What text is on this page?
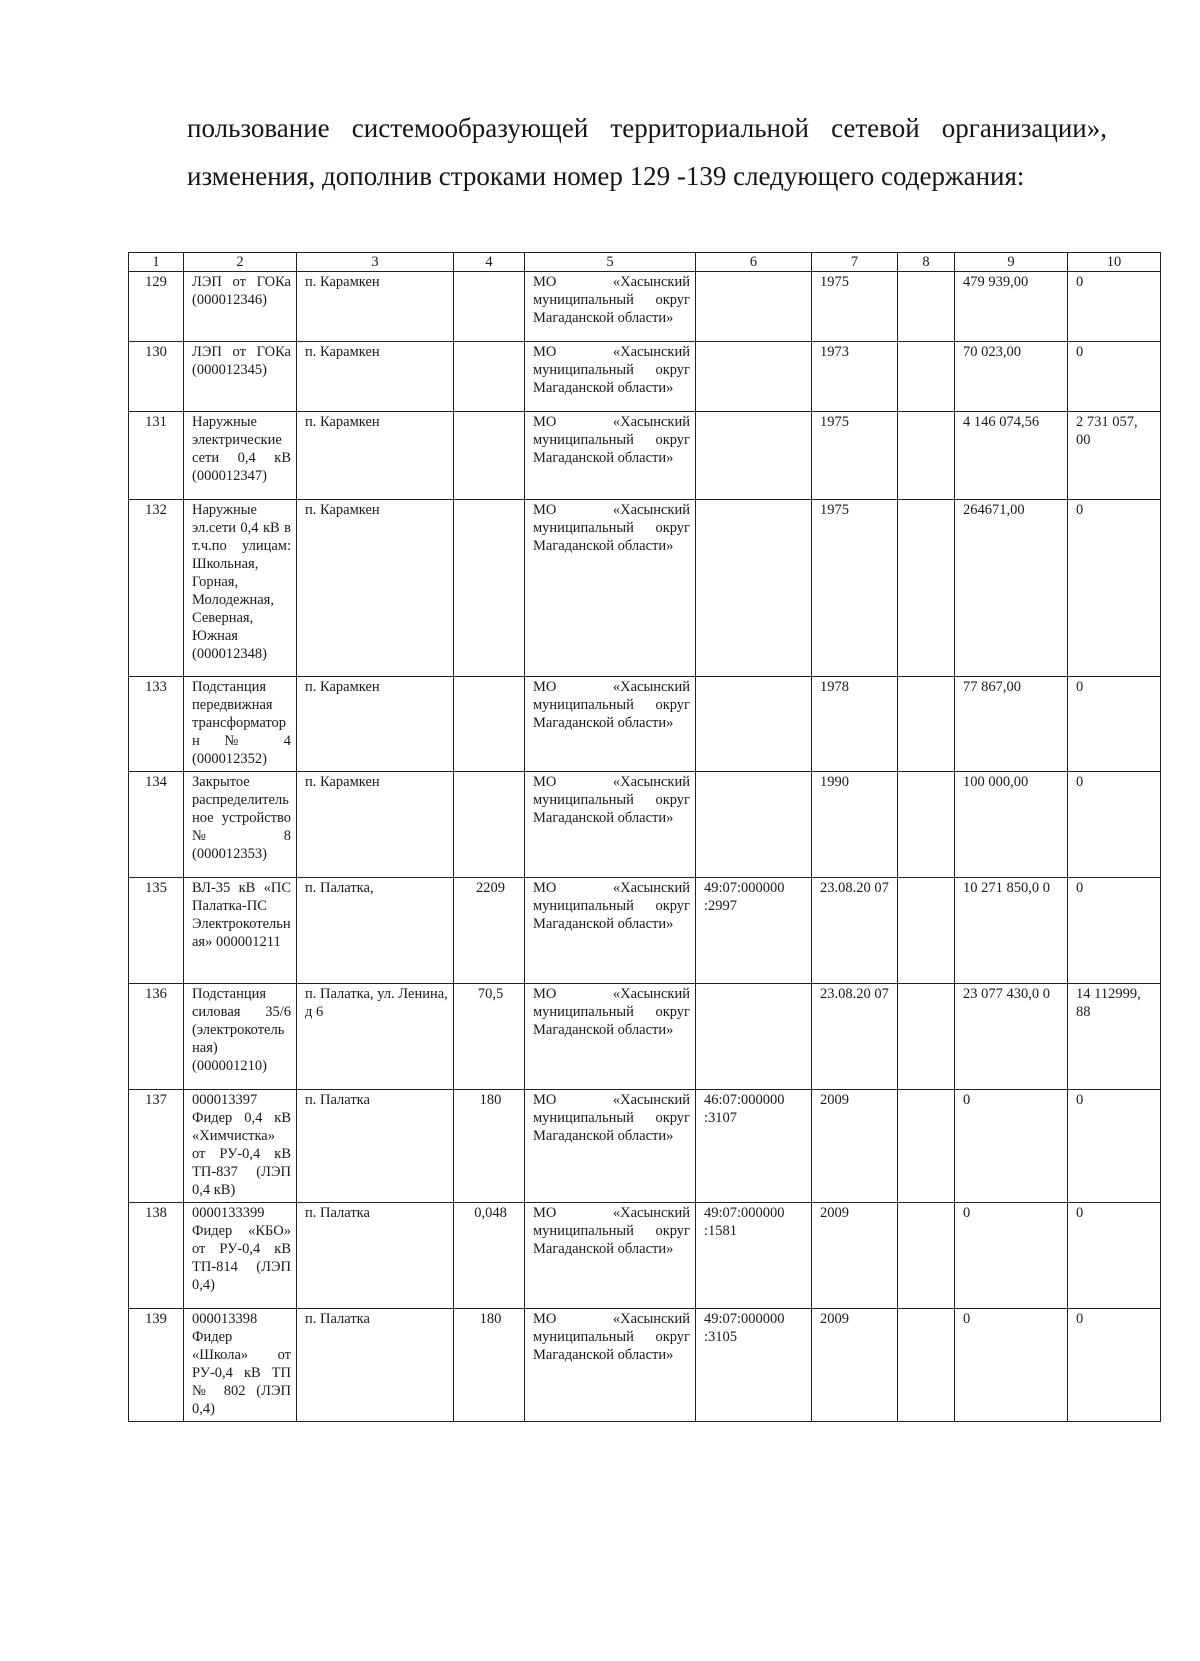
пользование системообразующей территориальной сетевой организации»,

изменения, дополнив строками номер 129 -139 следующего содержания:

1	2	3	4	5	6	7	8	9	10
129	ЛЭП от ГОКа (000012346)	п. Карамкен		МО «Хасынский муниципальный округ Магаданской области»		1975		479 939,00	0
130	ЛЭП от ГОКа (000012345)	п. Карамкен		МО «Хасынский муниципальный округ Магаданской области»		1973		70 023,00	0
131	Наружные электрические сети 0,4 кВ (000012347)	п. Карамкен		МО «Хасынский муниципальный округ Магаданской области»		1975		4 146 074,56	2 731 057, 00
132	Наружные эл.сети 0,4 кВ в т.ч.по улицам: Школьная, Горная, Молодежная, Северная, Южная (000012348)	п. Карамкен		МО «Хасынский муниципальный округ Магаданской области»		1975		264671,00	0
133	Подстанция передвижная трансформаторн № 4 (000012352)	п. Карамкен		МО «Хасынский муниципальный округ Магаданской области»		1978		77 867,00	0
134	Закрытое распределительное устройство № 8 (000012353)	п. Карамкен		МО «Хасынский муниципальный округ Магаданской области»		1990		100 000,00	0
135	ВЛ-35 кВ «ПС Палатка-ПС Электрокотельная» 000001211	п. Палатка,	2209	МО «Хасынский муниципальный округ Магаданской области»	49:07:000000 :2997	23.08.20 07		10 271 850,0 0	0
136	Подстанция силовая 35/6 (электрокотельная) (000001210)	п. Палатка, ул. Ленина, д 6	70,5	МО «Хасынский муниципальный округ Магаданской области»		23.08.20 07		23 077 430,0 0	14 112999, 88
137	000013397 Фидер 0,4 кВ «Химчистка» от РУ-0,4 кВ ТП-837 (ЛЭП 0,4 кВ)	п. Палатка	180	МО «Хасынский муниципальный округ Магаданской области»	46:07:000000 :3107	2009		0	0
138	0000133399 Фидер «КБО» от РУ-0,4 кВ ТП-814 (ЛЭП 0,4)	п. Палатка	0,048	МО «Хасынский муниципальный округ Магаданской области»	49:07:000000 :1581	2009		0	0
139	000013398 Фидер «Школа» от РУ-0,4 кВ ТП № 802 (ЛЭП 0,4)	п. Палатка	180	МО «Хасынский муниципальный округ Магаданской области»	49:07:000000 :3105	2009		0	0
